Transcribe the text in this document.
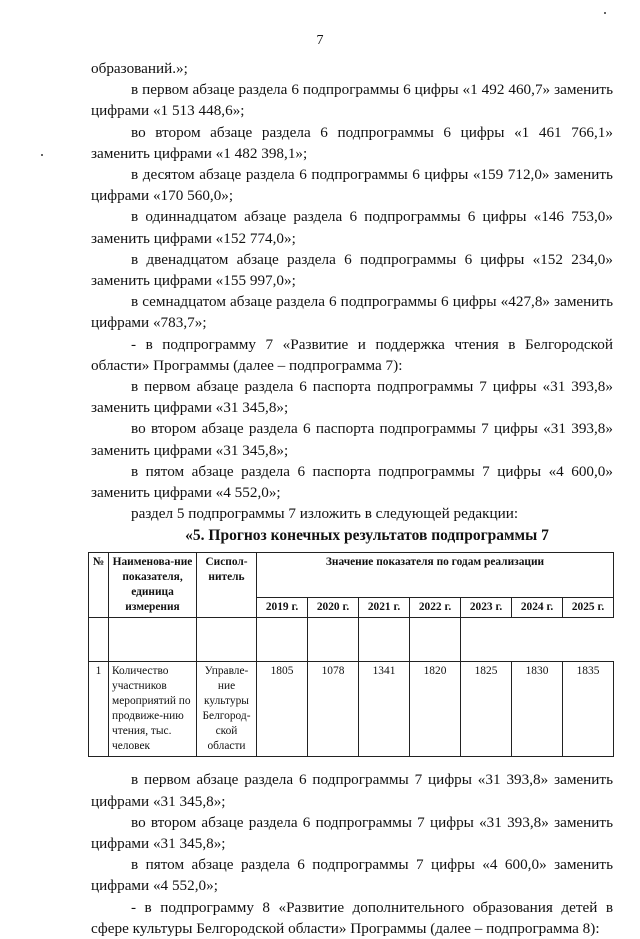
7

образований.»;

в первом абзаце раздела 6 подпрограммы 6 цифры «1 492 460,7» заменить цифрами «1 513 448,6»;

во втором абзаце раздела 6 подпрограммы 6 цифры «1 461 766,1» заменить цифрами «1 482 398,1»;

в десятом абзаце раздела 6 подпрограммы 6 цифры «159 712,0» заменить цифрами «170 560,0»;

в одиннадцатом абзаце раздела 6 подпрограммы 6 цифры «146 753,0» заменить цифрами «152 774,0»;

в двенадцатом абзаце раздела 6 подпрограммы 6 цифры «152 234,0» заменить цифрами «155 997,0»;

в семнадцатом абзаце раздела 6 подпрограммы 6 цифры «427,8» заменить цифрами «783,7»;

- в подпрограмму 7 «Развитие и поддержка чтения в Белгородской области» Программы (далее – подпрограмма 7):

в первом абзаце раздела 6 паспорта подпрограммы 7 цифры «31 393,8» заменить цифрами «31 345,8»;

во втором абзаце раздела 6 паспорта подпрограммы 7 цифры «31 393,8» заменить цифрами «31 345,8»;

в пятом абзаце раздела 6 паспорта подпрограммы 7 цифры «4 600,0» заменить цифрами «4 552,0»;

раздел 5 подпрограммы 7 изложить в следующей редакции:

«5. Прогноз конечных результатов подпрограммы 7

№	Наименова-ние показателя, единица измерения	Сиспол-нитель	Значение показателя по годам реализации						
			2019 г.	2020 г.	2021 г.	2022 г.	2023 г.	2024 г.	2025 г.

1	Количество участников мероприятий по продвиже-нию чтения, тыс. человек	Управле-ние культуры Белгород-ской области	1805	1078	1341	1820	1825	1830	1835

в первом абзаце раздела 6 подпрограммы 7 цифры «31 393,8» заменить цифрами «31 345,8»;

во втором абзаце раздела 6 подпрограммы 7 цифры «31 393,8» заменить цифрами «31 345,8»;

в пятом абзаце раздела 6 подпрограммы 7 цифры «4 600,0» заменить цифрами «4 552,0»;

- в подпрограмму 8 «Развитие дополнительного образования детей в сфере культуры Белгородской области» Программы (далее – подпрограмма 8):
